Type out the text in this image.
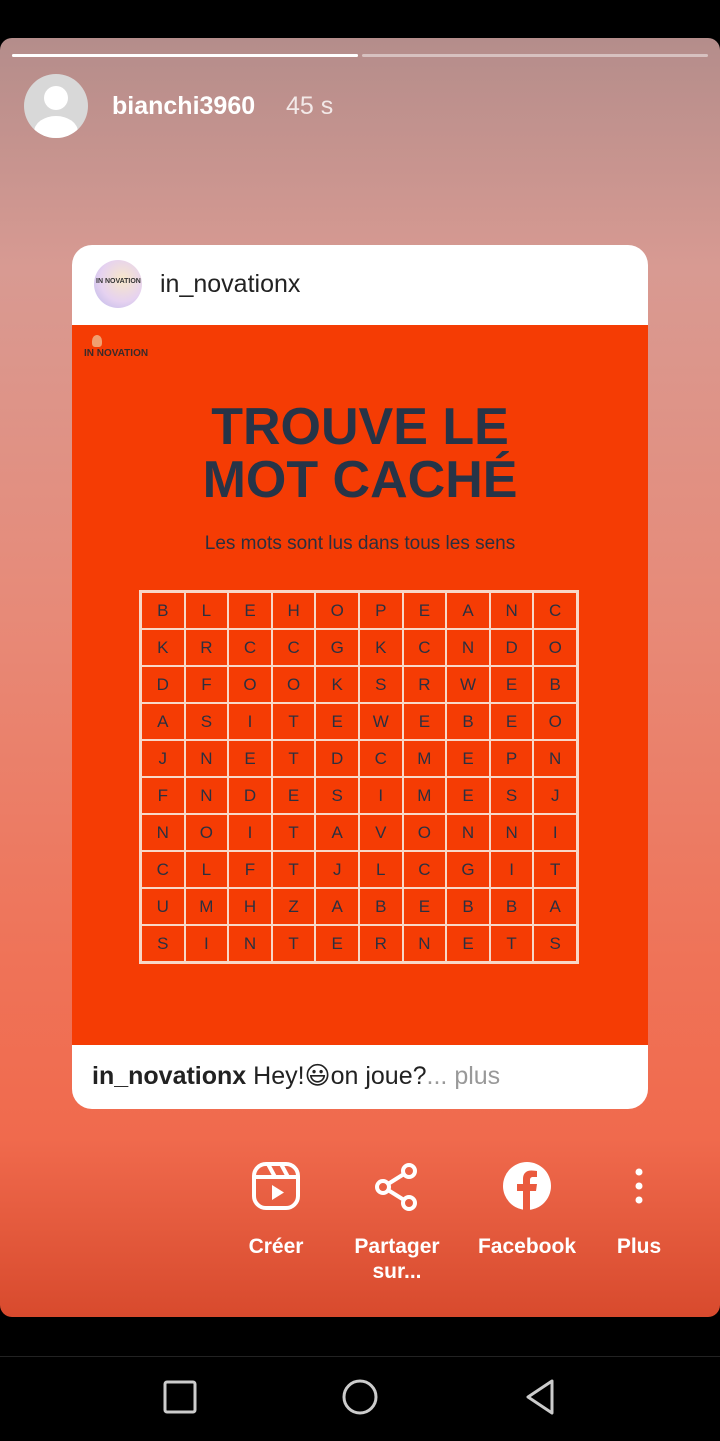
bianchi3960 45 s
IN NOVATION in_novationx
IN NOVATION
TROUVE LE
MOT CACHÉ
Les mots sont lus dans tous les sens
B	L	E	H	O	P	E	A	N	C
K	R	C	C	G	K	C	N	D	O
D	F	O	O	K	S	R	W	E	B
A	S	I	T	E	W	E	B	E	O
J	N	E	T	D	C	M	E	P	N
F	N	D	E	S	I	M	E	S	J
N	O	I	T	A	V	O	N	N	I
C	L	F	T	J	L	C	G	I	T
U	M	H	Z	A	B	E	B	B	A
S	I	N	T	E	R	N	E	T	S
in_novationx Hey!😃on joue?... plus
Créer	Partager sur...
Facebook	Plus
